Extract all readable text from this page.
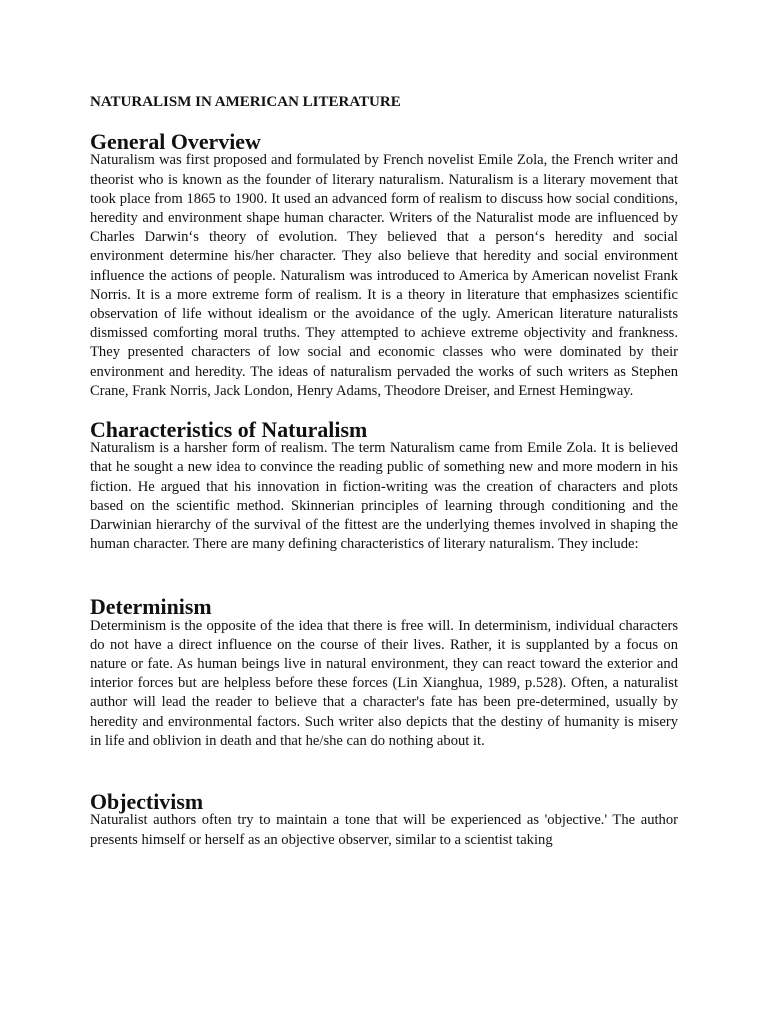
NATURALISM IN AMERICAN LITERATURE
General Overview

Naturalism was first proposed and formulated by French novelist Emile Zola, the French writer and theorist who is known as the founder of literary naturalism. Naturalism is a literary movement that took place from 1865 to 1900. It used an advanced form of realism to discuss how social conditions, heredity and environment shape human character. Writers of the Naturalist mode are influenced by Charles Darwin‘s theory of evolution. They believed that a person‘s heredity and social environment determine his/her character. They also believe that heredity and social environment influence the actions of people. Naturalism was introduced to America by American novelist Frank Norris. It is a more extreme form of realism. It is a theory in literature that emphasizes scientific observation of life without idealism or the avoidance of the ugly. American literature naturalists dismissed comforting moral truths. They attempted to achieve extreme objectivity and frankness. They presented characters of low social and economic classes who were dominated by their environment and heredity. The ideas of naturalism pervaded the works of such writers as Stephen Crane, Frank Norris, Jack London, Henry Adams, Theodore Dreiser, and Ernest Hemingway.

Characteristics of Naturalism

Naturalism is a harsher form of realism. The term Naturalism came from Emile Zola. It is believed that he sought a new idea to convince the reading public of something new and more modern in his fiction. He argued that his innovation in fiction-writing was the creation of characters and plots based on the scientific method. Skinnerian principles of learning through conditioning and the Darwinian hierarchy of the survival of the fittest are the underlying themes involved in shaping the human character. There are many defining characteristics of literary naturalism. They include:

Determinism

Determinism is the opposite of the idea that there is free will. In determinism, individual characters do not have a direct influence on the course of their lives. Rather, it is supplanted by a focus on nature or fate. As human beings live in natural environment, they can react toward the exterior and interior forces but are helpless before these forces (Lin Xianghua, 1989, p.528). Often, a naturalist author will lead the reader to believe that a character's fate has been pre-determined, usually by heredity and environmental factors. Such writer also depicts that the destiny of humanity is misery in life and oblivion in death and that he/she can do nothing about it.

Objectivism

Naturalist authors often try to maintain a tone that will be experienced as 'objective.' The author presents himself or herself as an objective observer, similar to a scientist taking
